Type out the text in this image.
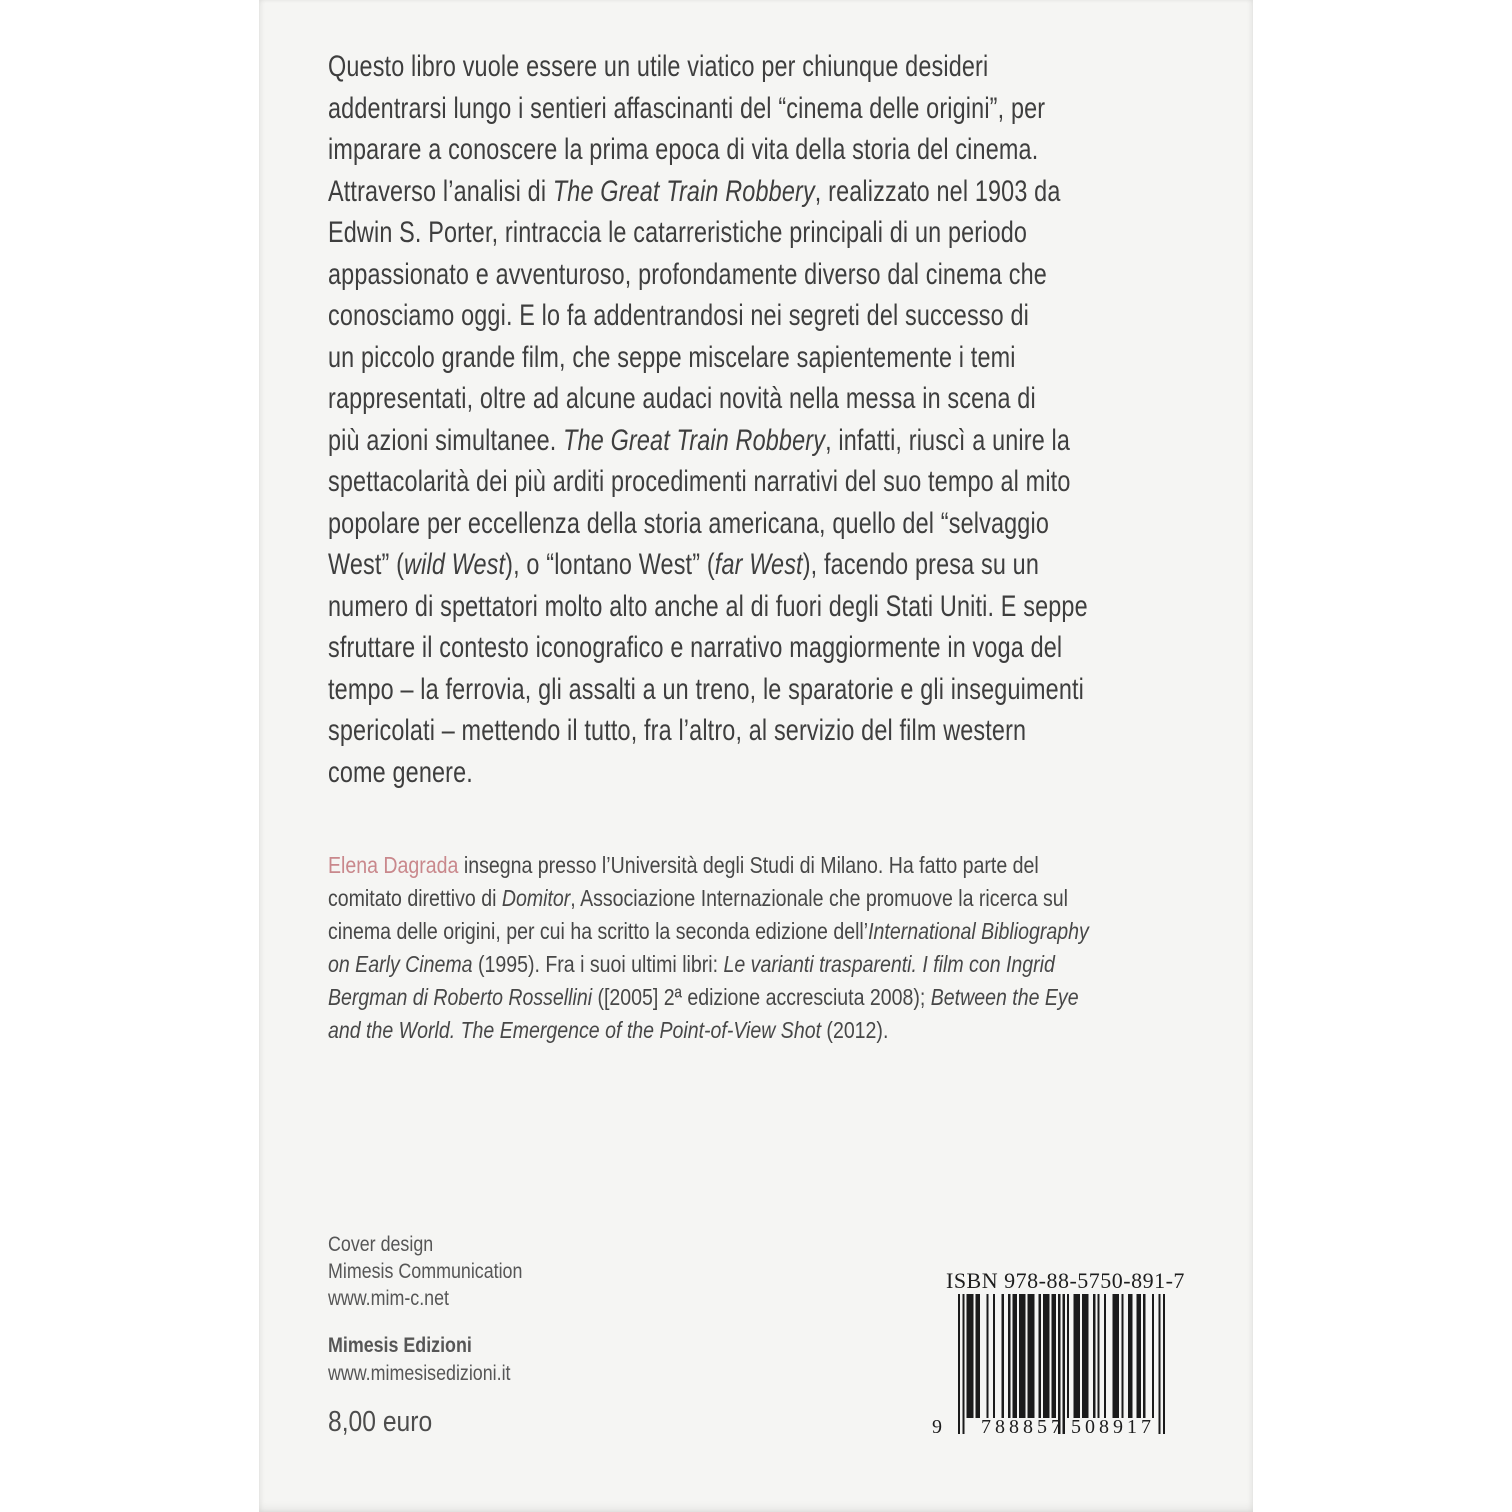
Questo libro vuole essere un utile viatico per chiunque desideri
addentrarsi lungo i sentieri affascinanti del “cinema delle origini”, per
imparare a conoscere la prima epoca di vita della storia del cinema.
Attraverso l’analisi di The Great Train Robbery, realizzato nel 1903 da
Edwin S. Porter, rintraccia le catarreristiche principali di un periodo
appassionato e avventuroso, profondamente diverso dal cinema che
conosciamo oggi. E lo fa addentrandosi nei segreti del successo di
un piccolo grande film, che seppe miscelare sapientemente i temi
rappresentati, oltre ad alcune audaci novità nella messa in scena di
più azioni simultanee. The Great Train Robbery, infatti, riuscì a unire la
spettacolarità dei più arditi procedimenti narrativi del suo tempo al mito
popolare per eccellenza della storia americana, quello del “selvaggio
West” (wild West), o “lontano West” (far West), facendo presa su un
numero di spettatori molto alto anche al di fuori degli Stati Uniti. E seppe
sfruttare il contesto iconografico e narrativo maggiormente in voga del
tempo – la ferrovia, gli assalti a un treno, le sparatorie e gli inseguimenti
spericolati – mettendo il tutto, fra l’altro, al servizio del film western
come genere.
Elena Dagrada insegna presso l’Università degli Studi di Milano. Ha fatto parte del
comitato direttivo di Domitor, Associazione Internazionale che promuove la ricerca sul
cinema delle origini, per cui ha scritto la seconda edizione dell’International Bibliography
on Early Cinema (1995). Fra i suoi ultimi libri: Le varianti trasparenti. I film con Ingrid
Bergman di Roberto Rossellini ([2005] 2ª edizione accresciuta 2008); Between the Eye
and the World. The Emergence of the Point-of-View Shot (2012).
Cover design
Mimesis Communication
www.mim-c.net
Mimesis Edizioni
www.mimesisedizioni.it
8,00 euro
ISBN 978-88-5750-891-7
9 788857 508917
